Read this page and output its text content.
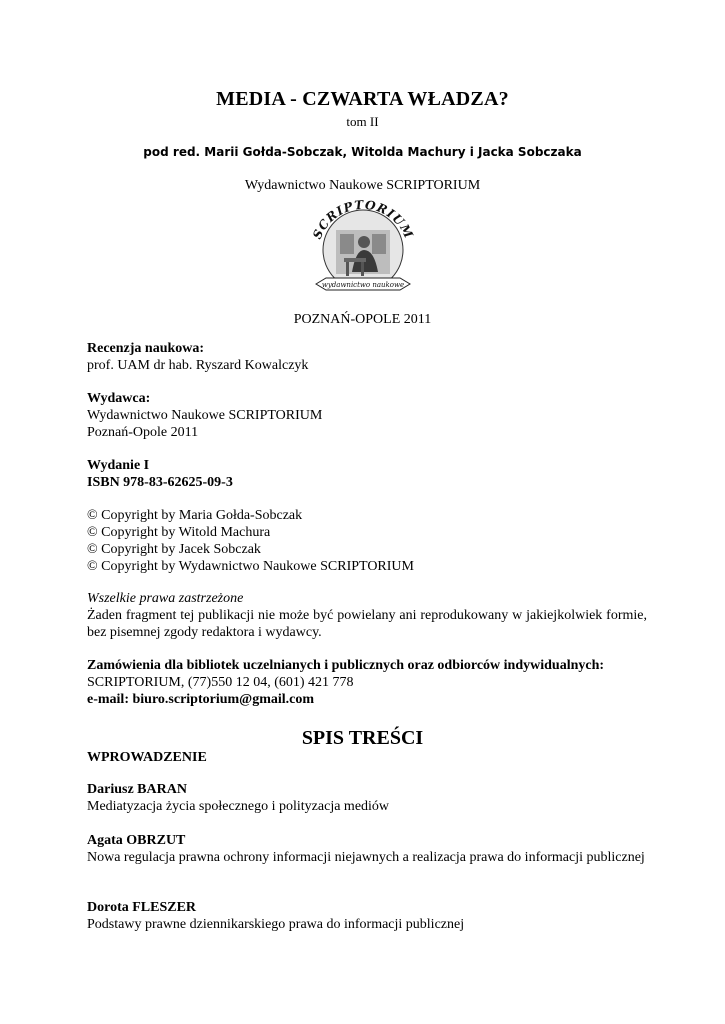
MEDIA - CZWARTA WŁADZA?
tom II
pod red. Marii Gołda-Sobczak, Witolda Machury i Jacka Sobczaka
Wydawnictwo Naukowe SCRIPTORIUM
SCRIPTORIUM
wydawnictwo naukowe
POZNAŃ-OPOLE 2011
Recenzja naukowa:
prof. UAM dr hab. Ryszard Kowalczyk
Wydawca:
Wydawnictwo Naukowe SCRIPTORIUM
Poznań-Opole 2011
Wydanie I
ISBN 978-83-62625-09-3
© Copyright by Maria Gołda-Sobczak
© Copyright by Witold Machura
© Copyright by Jacek Sobczak
© Copyright by Wydawnictwo Naukowe SCRIPTORIUM
Wszelkie prawa zastrzeżone
Żaden fragment tej publikacji nie może być powielany ani reprodukowany w jakiejkolwiek formie, bez pisemnej zgody redaktora i wydawcy.
Zamówienia dla bibliotek uczelnianych i publicznych oraz odbiorców indywidualnych:
SCRIPTORIUM, (77)550 12 04, (601) 421 778
e-mail: biuro.scriptorium@gmail.com
SPIS TREŚCI
WPROWADZENIE
Dariusz BARAN
Mediatyzacja życia społecznego i polityzacja mediów
Agata OBRZUT
Nowa regulacja prawna ochrony informacji niejawnych a realizacja prawa do informacji publicznej
Dorota FLESZER
Podstawy prawne dziennikarskiego prawa do informacji publicznej
